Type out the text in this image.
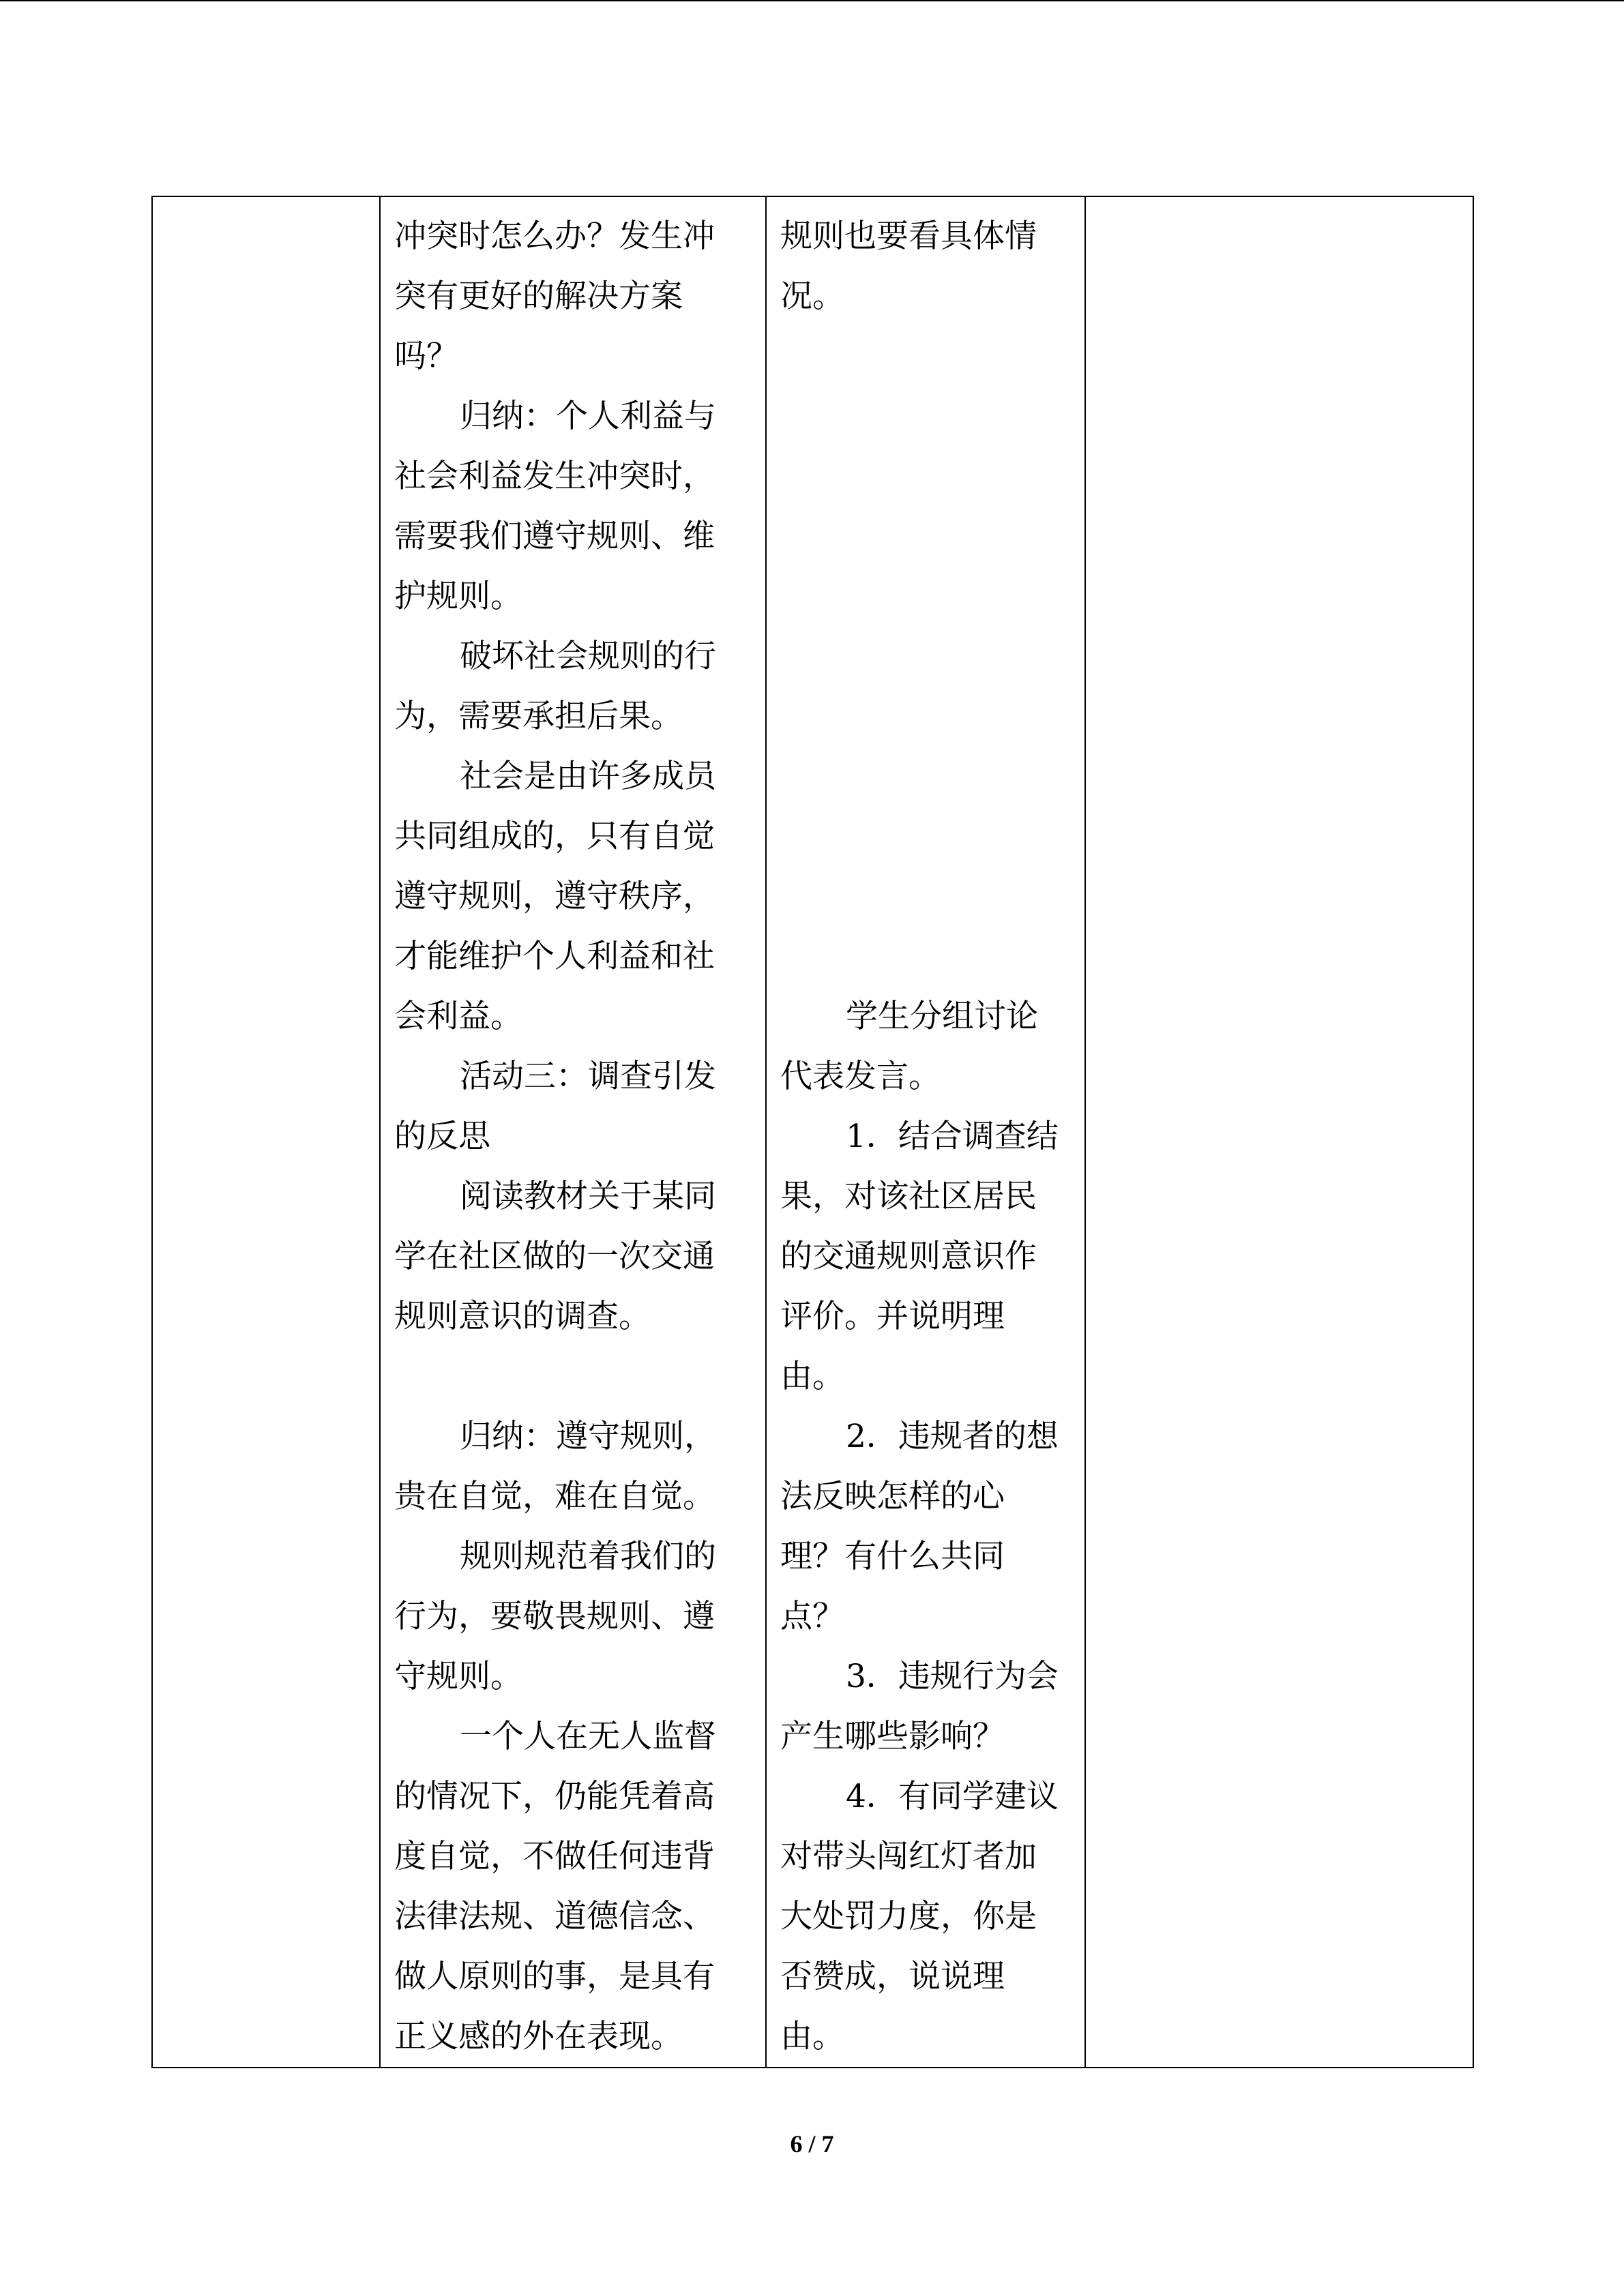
冲突时怎么办？发生冲
突有更好的解决方案
吗？
归纳：个人利益与
社会利益发生冲突时，
需要我们遵守规则、维
护规则。
破坏社会规则的行
为，需要承担后果。
社会是由许多成员
共同组成的，只有自觉
遵守规则，遵守秩序，
才能维护个人利益和社
会利益。
活动三：调查引发
的反思
阅读教材关于某同
学在社区做的一次交通
规则意识的调查。
归纳：遵守规则，
贵在自觉，难在自觉。
规则规范着我们的
行为，要敬畏规则、遵
守规则。
一个人在无人监督
的情况下，仍能凭着高
度自觉，不做任何违背
法律法规、道德信念、
做人原则的事，是具有
正义感的外在表现。

规则也要看具体情
况。
学生分组讨论
代表发言。
1．结合调查结
果，对该社区居民
的交通规则意识作
评价。并说明理
由。
2．违规者的想
法反映怎样的心
理？有什么共同
点？
3．违规行为会
产生哪些影响？
4．有同学建议
对带头闯红灯者加
大处罚力度，你是
否赞成，说说理
由。

6 / 7
